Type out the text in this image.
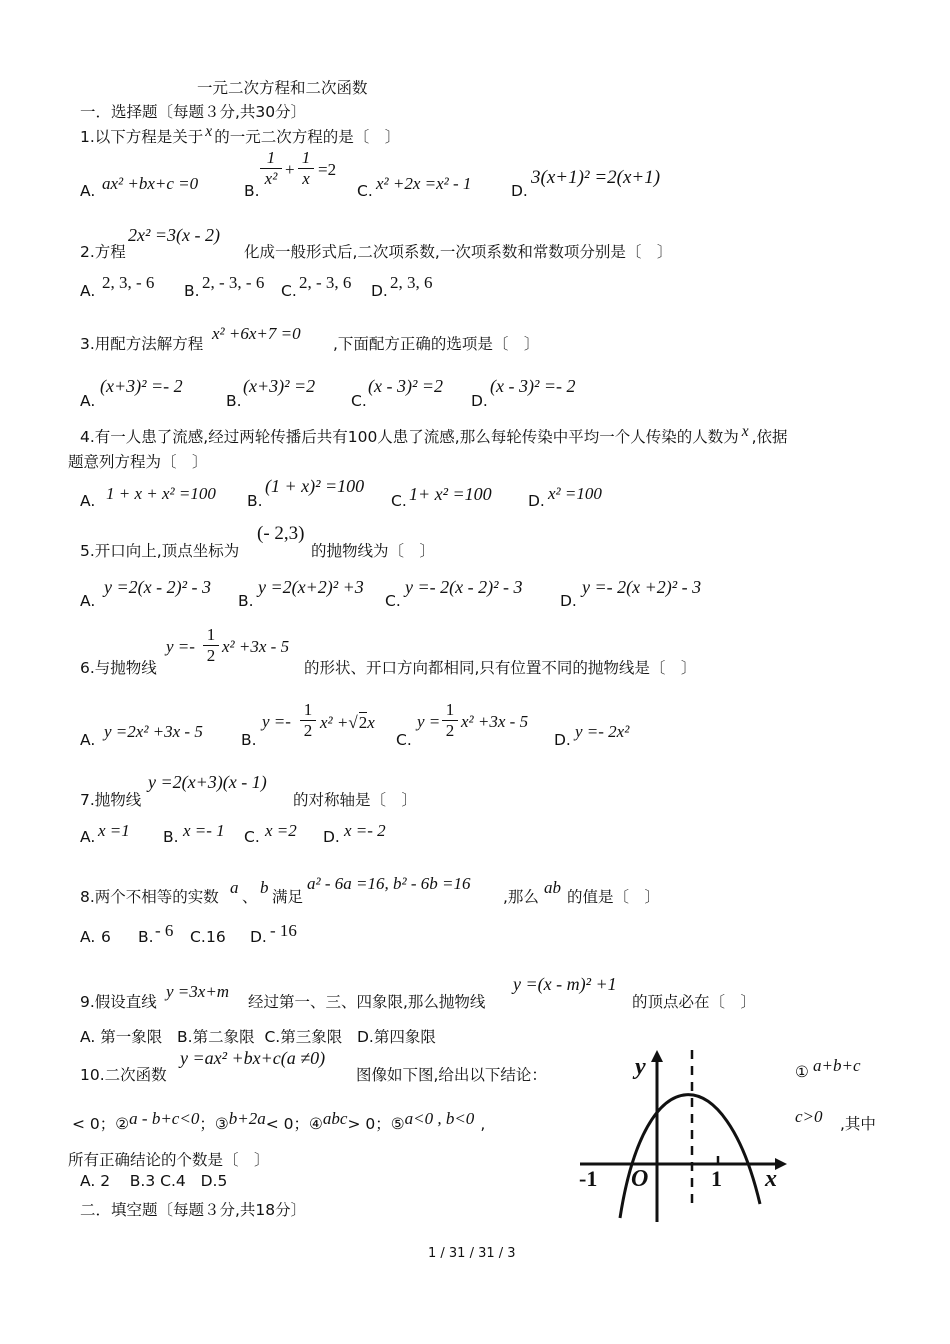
一元二次方程和二次函数
一．选择题〔每题３分,共30分〕
1.以下方程是关于 x 的一元二次方程的是〔　〕
A. ax² +bx+c =0	B.
$\frac{1}{\text{x²}} + \frac{1}{x} =2$
C. x² +2x =x² - 1	D.
3(x+1)² =2(x+1)
2.方程
2x² =3(x - 2)
化成一般形式后,二次项系数,一次项系数和常数项分别是〔　〕
A. 2, 3, - 6 B. 2, - 3, - 6 C. 2, - 3, 6 D. 2, 3, 6
3.用配方法解方程
x² +6x+7 =0
,下面配方正确的选项是〔　〕
A.
(x+3)² =- 2
B.
(x+3)² =2
C.
(x - 3)² =2
D.
(x - 3)² =- 2
4.有一人患了流感,经过两轮传播后共有100人患了流感,那么每轮传染中平均一个人传染的人数为 x ,依据
题意列方程为〔　〕
A. 1 + x + x² =100 B.
(1 + x)² =100
C. 1+ x² =100 D. x² =100
5.开口向上,顶点坐标为
(- 2,3)
的抛物线为〔　〕
A.
y =2(x - 2)² - 3
B.
y =2(x+2)² +3
C.
y =- 2(x - 2)² - 3
D.
y =- 2(x +2)² - 3
6.与抛物线
$y =- \frac{1}{2} x^2 +3x - 5$
的形状、开口方向都相同,只有位置不同的抛物线是〔　〕
A. y =2x² +3x - 5 B.
$y =- \frac{1}{2} x^2 +√2x$
C.
$y = \frac{1}{2} x^2 +3x - 5$
D. y =- 2x²
7.抛物线
y =2(x+3)(x - 1)
的对称轴是〔　〕
A. x =1 B. x =- 1 C. x =2 D. x =- 2
8.两个不相等的实数 a 、 b 满足
a² - 6a =16, b² - 6b =16
,那么 ab 的值是〔　〕
A. 6 B. - 6 C. 16 D. - 16
9.假设直线
y =3x+m
经过第一、三、四象限,那么抛物线
y =(x - m)² +1
的顶点必在〔　〕
A. 第一象限 B.第二象限 C.第三象限 D.第四象限
10.二次函数
y =ax² +bx+c(a ≠0)
图像如下图,给出以下结论：	① a+b+c
< 0；②a - b+c<0；③b+2a< 0；④abc> 0；⑤a<0 , b<0 ,	c>0 ,其中
所有正确结论的个数是〔　〕
A. 2 B.3 C.4 D.5
y
x
O
-1	1
二．填空题〔每题３分,共18分〕
1 / 31 / 31 / 3
